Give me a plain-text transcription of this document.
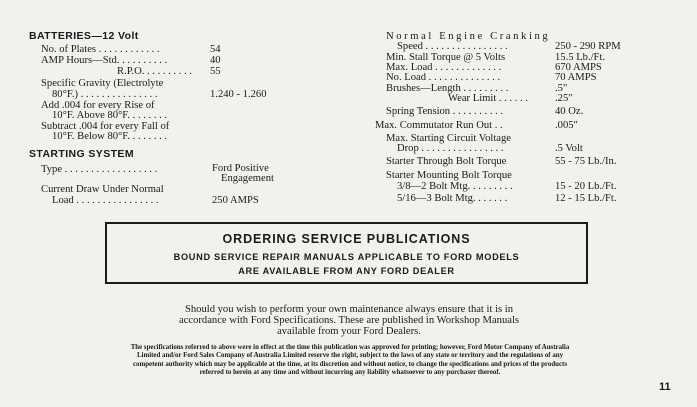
BATTERIES—12 Volt
No. of Plates . . . . . . . . . . . .	54
AMP Hours—Std. . . . . . . . . .	40
R.P.O. . . . . . . . . . 55
Specific Gravity (Electrolyte
80°F.) . . . . . . . . . . . . . . .	1.240 - 1.260
Add .004 for every Rise of
10°F. Above 80°F. . . . . . . .
Subtract .004 for every Fall of
10°F. Below 80°F. . . . . . . .
STARTING SYSTEM
Type . . . . . . . . . . . . . . . . . .	Ford Positive
Engagement
Current Draw Under Normal
Load . . . . . . . . . . . . . . . .	250 AMPS
Normal Engine Cranking
Speed . . . . . . . . . . . . . . . .	250 - 290 RPM
Min. Stall Torque @ 5 Volts	15.5 Lb./Ft.
Max. Load . . . . . . . . . . . . .	670 AMPS
No. Load . . . . . . . . . . . . . .	70 AMPS
Brushes—Length . . . . . . . . .	.5"
Wear Limit . . . . . .	.25"
Spring Tension . . . . . . . . . .	40 Oz.
Max. Commutator Run Out . .	.005"
Max. Starting Circuit Voltage
Drop . . . . . . . . . . . . . . . .	.5 Volt
Starter Through Bolt Torque	55 - 75 Lb./In.
Starter Mounting Bolt Torque
3/8—2 Bolt Mtg. . . . . . . . .	15 - 20 Lb./Ft.
5/16—3 Bolt Mtg. . . . . . .	12 - 15 Lb./Ft.
ORDERING SERVICE PUBLICATIONS
BOUND SERVICE REPAIR MANUALS APPLICABLE TO FORD MODELS
ARE AVAILABLE FROM ANY FORD DEALER
Should you wish to perform your own maintenance always ensure that it is in
accordance with Ford Specifications. These are published in Workshop Manuals
available from your Ford Dealers.
The specifications referred to above were in effect at the time this publication was approved for printing; however, Ford Motor Company of Australia
Limited and/or Ford Sales Company of Australia Limited reserve the right, subject to the laws of any state or territory and the regulations of any
competent authority which may be applicable at the time, at its discretion and without notice, to change the specifications and prices of the products
referred to herein at any time and without incurring any liability whatsoever to any purchaser thereof.
11
